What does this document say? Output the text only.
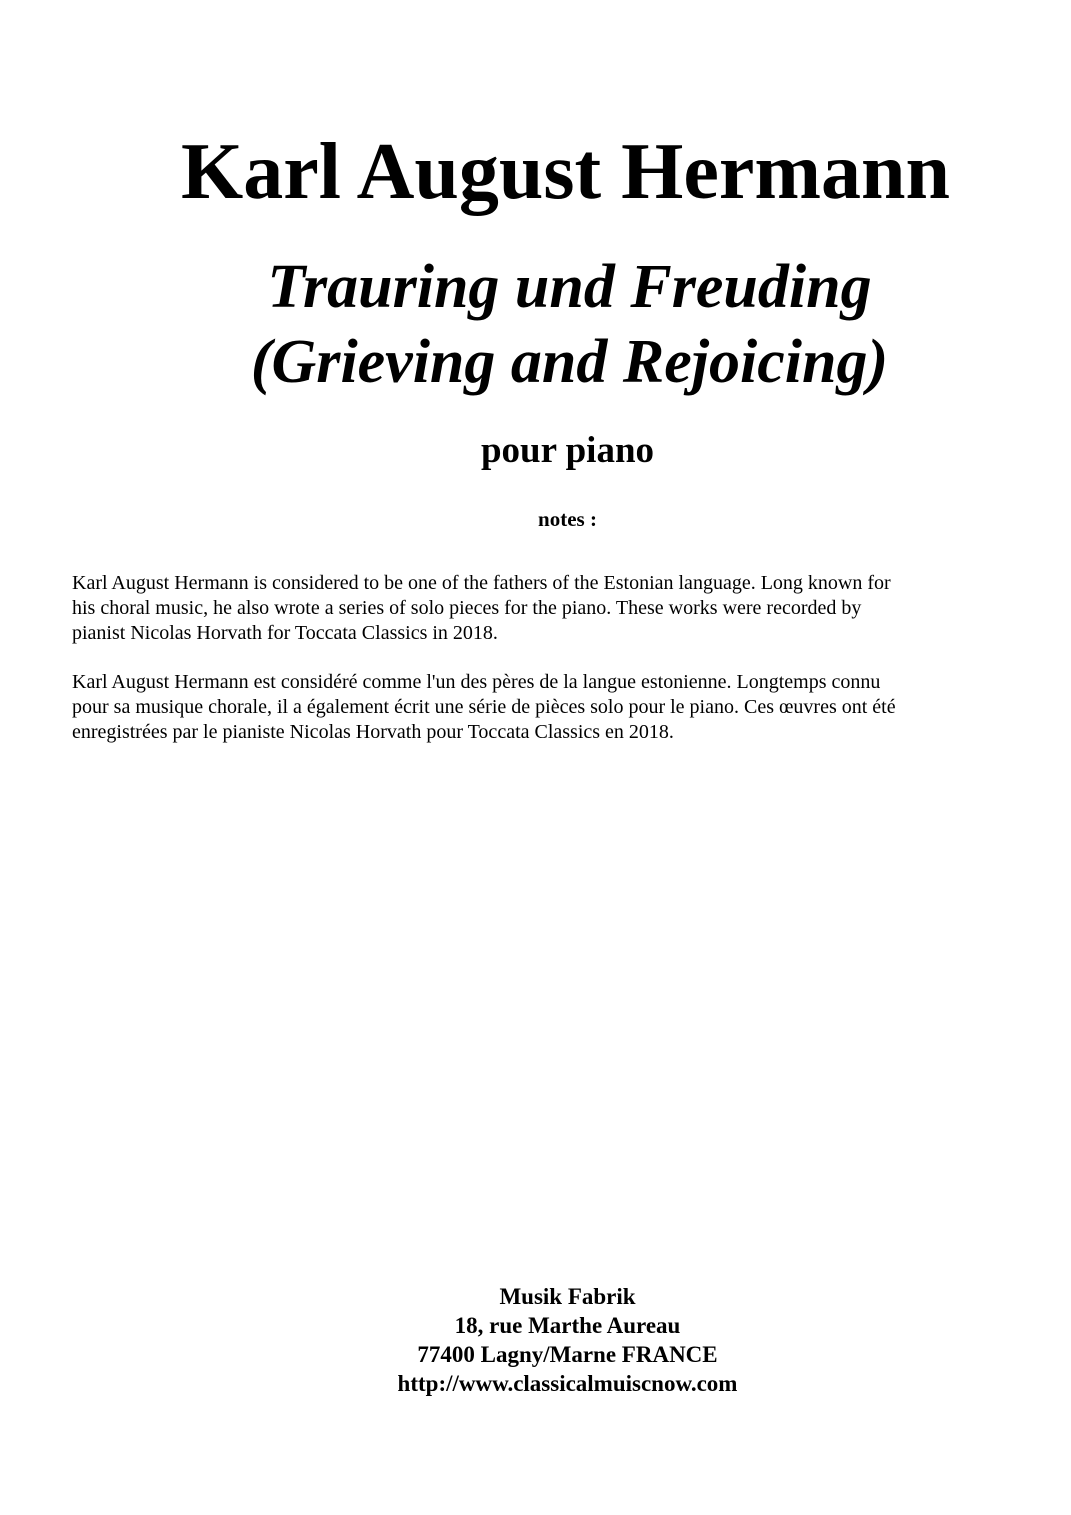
Karl August Hermann
Trauring und Freuding
(Grieving and Rejoicing)
pour piano
notes :
Karl August Hermann is considered to be one of the fathers of the Estonian language. Long known for
his choral music, he also wrote a series of solo pieces for the piano. These works were recorded by
pianist Nicolas Horvath for Toccata Classics in 2018.
Karl August Hermann est considéré comme l'un des pères de la langue estonienne. Longtemps connu
pour sa musique chorale, il a également écrit une série de pièces solo pour le piano. Ces œuvres ont été
enregistrées par le pianiste Nicolas Horvath pour Toccata Classics en 2018.
Musik Fabrik
18, rue Marthe Aureau
77400 Lagny/Marne FRANCE
http://www.classicalmuiscnow.com
